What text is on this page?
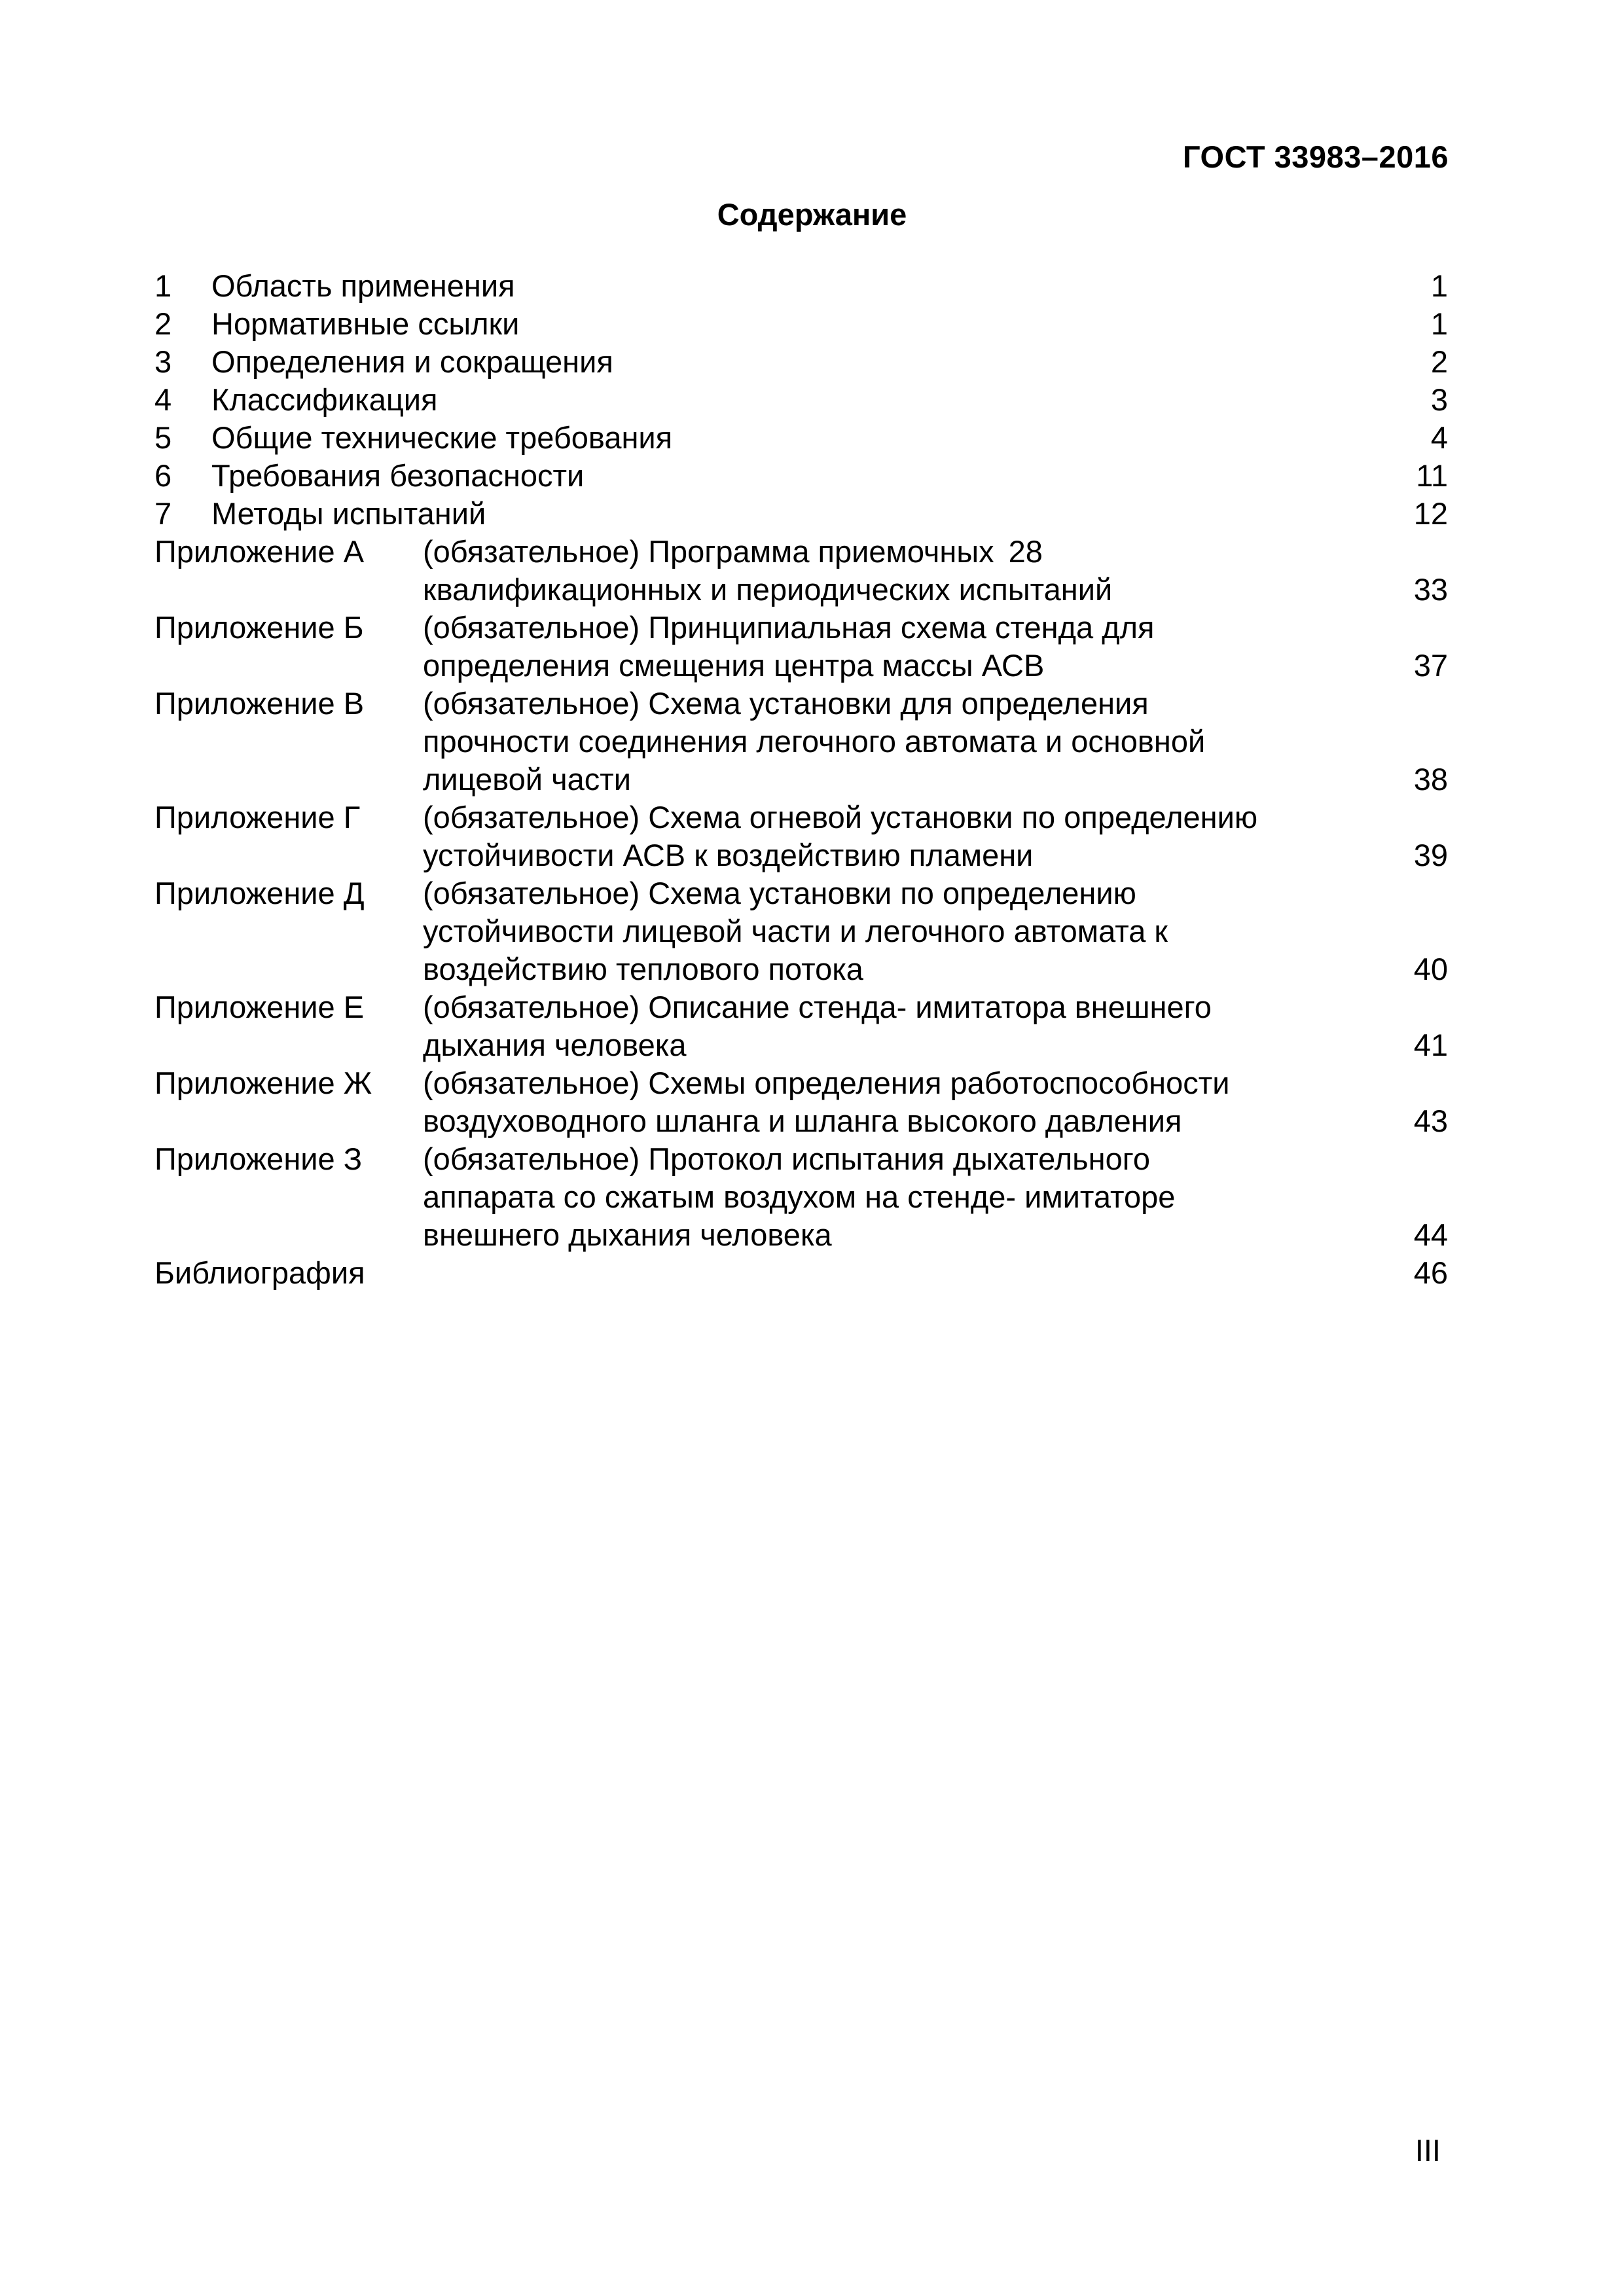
ГОСТ 33983–2016
Содержание
1	Область применения	1
2	Нормативные ссылки	1
3	Определения и сокращения	2
4	Классификация	3
5	Общие технические требования	4
6	Требования безопасности	11
7	Методы испытаний	12
Приложение А	(обязательное) Программа приемочных 28
квалификационных и периодических испытаний	33
Приложение Б	(обязательное) Принципиальная схема стенда для
определения смещения центра массы АСВ	37
Приложение В	(обязательное) Схема установки для определения
прочности соединения легочного автомата и основной
лицевой части	38
Приложение Г	(обязательное) Схема огневой установки по определению
устойчивости АСВ к воздействию пламени	39
Приложение Д	(обязательное) Схема установки по определению
устойчивости лицевой части и легочного автомата к
воздействию теплового потока	40
Приложение Е	(обязательное) Описание стенда- имитатора внешнего
дыхания человека	41
Приложение Ж	(обязательное) Схемы определения работоспособности
воздуховодного шланга и шланга высокого давления	43
Приложение З	(обязательное) Протокол испытания дыхательного
аппарата со сжатым воздухом на стенде- имитаторе
внешнего дыхания человека	44
Библиография	46
III
